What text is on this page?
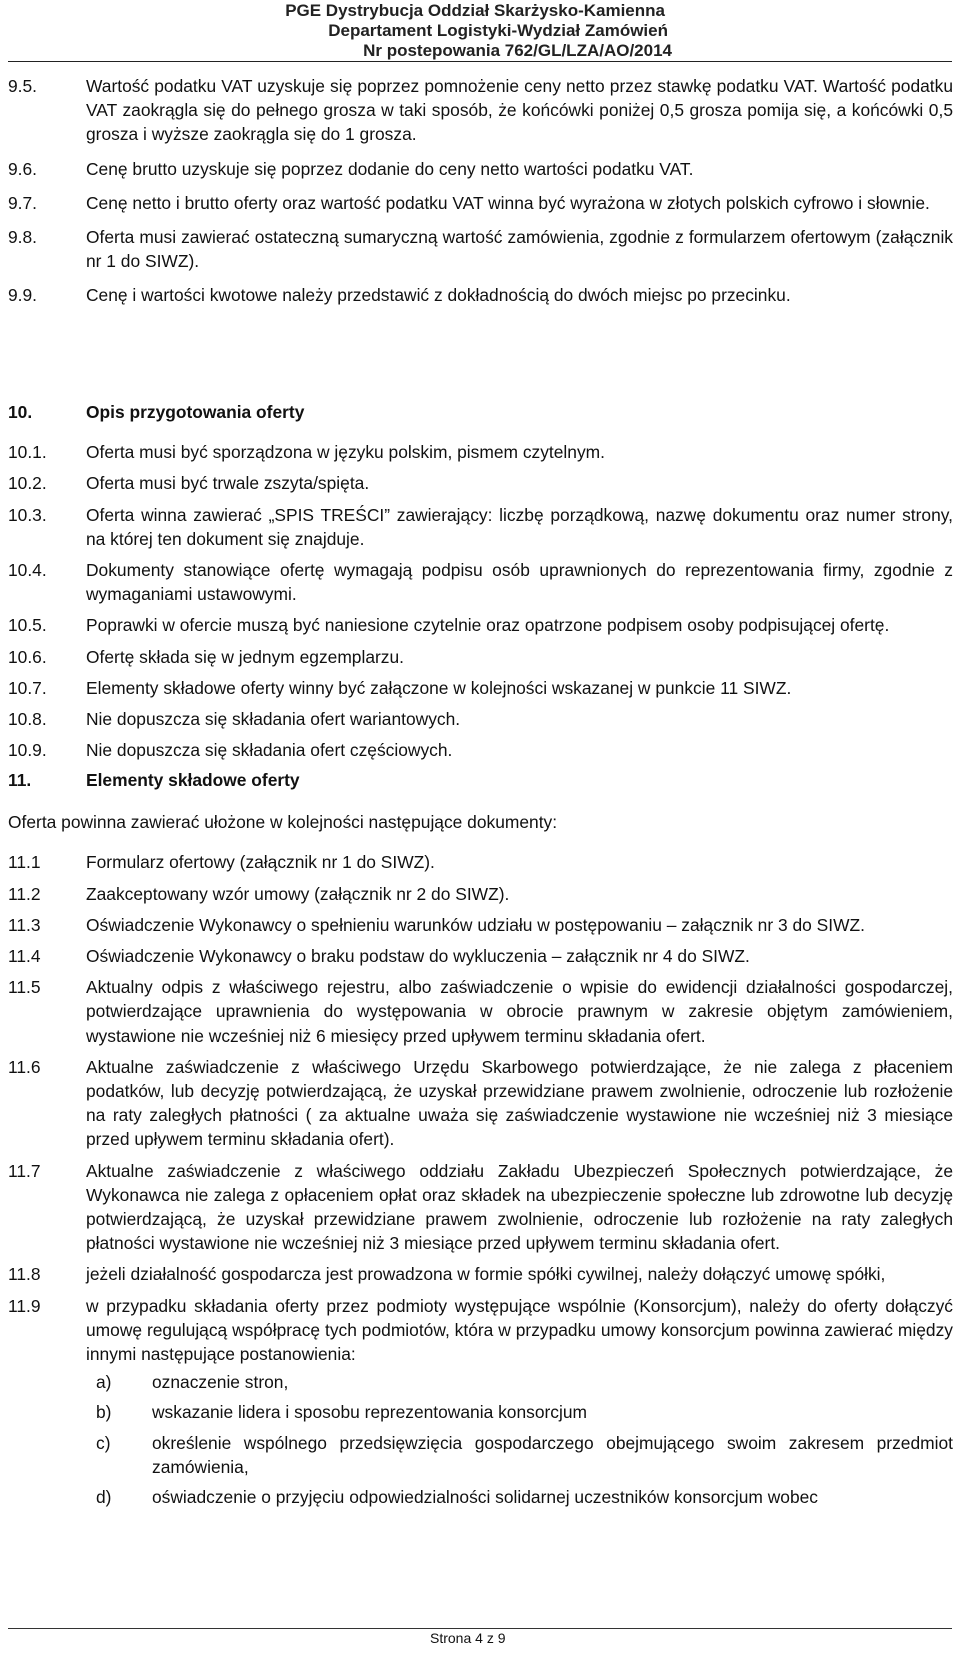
PGE Dystrybucja Oddział Skarżysko-Kamienna
Departament Logistyki-Wydział Zamówień
Nr postepowania 762/GL/LZA/AO/2014
9.5.	Wartość podatku VAT uzyskuje się poprzez pomnożenie ceny netto przez stawkę podatku VAT. Wartość podatku VAT zaokrągla się do pełnego grosza w taki sposób, że końcówki poniżej 0,5 grosza pomija się, a końcówki 0,5 grosza i wyższe zaokrągla się do 1 grosza.
9.6.	Cenę brutto uzyskuje się poprzez dodanie do ceny netto wartości podatku VAT.
9.7.	Cenę netto i brutto oferty oraz wartość podatku VAT winna być wyrażona w złotych polskich cyfrowo i słownie.
9.8.	Oferta musi zawierać ostateczną sumaryczną wartość zamówienia, zgodnie z formularzem ofertowym (załącznik nr 1 do SIWZ).
9.9.	Cenę i wartości kwotowe należy przedstawić z dokładnością do dwóch miejsc po przecinku.
10.	Opis przygotowania oferty
10.1. Oferta musi być sporządzona w języku polskim, pismem czytelnym.
10.2. Oferta musi być trwale zszyta/spięta.
10.3. Oferta winna zawierać „SPIS TREŚCI” zawierający: liczbę porządkową, nazwę dokumentu oraz numer strony, na której ten dokument się znajduje.
10.4. Dokumenty stanowiące ofertę wymagają podpisu osób uprawnionych do reprezentowania firmy, zgodnie z wymaganiami ustawowymi.
10.5. Poprawki w ofercie muszą być naniesione czytelnie oraz opatrzone podpisem osoby podpisującej ofertę.
10.6. Ofertę składa się w jednym egzemplarzu.
10.7. Elementy składowe oferty winny być załączone w kolejności wskazanej w punkcie 11 SIWZ.
10.8. Nie dopuszcza się składania ofert wariantowych.
10.9. Nie dopuszcza się składania ofert częściowych.
11.	Elementy składowe oferty

Oferta powinna zawierać ułożone w kolejności następujące dokumenty:

11.1	Formularz ofertowy (załącznik nr 1 do SIWZ).
11.2	Zaakceptowany wzór umowy (załącznik nr 2 do SIWZ).
11.3	Oświadczenie Wykonawcy o spełnieniu warunków udziału w postępowaniu – załącznik nr 3 do SIWZ.
11.4	Oświadczenie Wykonawcy o braku podstaw do wykluczenia – załącznik nr 4 do SIWZ.
11.5	Aktualny odpis z właściwego rejestru, albo zaświadczenie o wpisie do ewidencji działalności gospodarczej, potwierdzające uprawnienia do występowania w obrocie prawnym w zakresie objętym zamówieniem, wystawione nie wcześniej niż 6 miesięcy przed upływem terminu składania ofert.
11.6	Aktualne zaświadczenie z właściwego Urzędu Skarbowego potwierdzające, że nie zalega z płaceniem podatków, lub decyzję potwierdzającą, że uzyskał przewidziane prawem zwolnienie, odroczenie lub rozłożenie na raty zaległych płatności ( za aktualne uważa się zaświadczenie wystawione nie wcześniej niż 3 miesiące przed upływem terminu składania ofert).
11.7	Aktualne zaświadczenie z właściwego oddziału Zakładu Ubezpieczeń Społecznych potwierdzające, że Wykonawca nie zalega z opłaceniem opłat oraz składek na ubezpieczenie społeczne lub zdrowotne lub decyzję potwierdzającą, że uzyskał przewidziane prawem zwolnienie, odroczenie lub rozłożenie na raty zaległych płatności wystawione nie wcześniej niż 3 miesiące przed upływem terminu składania ofert.
11.8	jeżeli działalność gospodarcza jest prowadzona w formie spółki cywilnej, należy dołączyć umowę spółki,
11.9	w przypadku składania oferty przez podmioty występujące wspólnie (Konsorcjum), należy do oferty dołączyć umowę regulującą współpracę tych podmiotów, która w przypadku umowy konsorcjum powinna zawierać między innymi następujące postanowienia:
a) oznaczenie stron,
b) wskazanie lidera i sposobu reprezentowania konsorcjum
c) określenie wspólnego przedsięwzięcia gospodarczego obejmującego swoim zakresem przedmiot zamówienia,
d) oświadczenie o przyjęciu odpowiedzialności solidarnej uczestników konsorcjum wobec
Strona 4 z 9
